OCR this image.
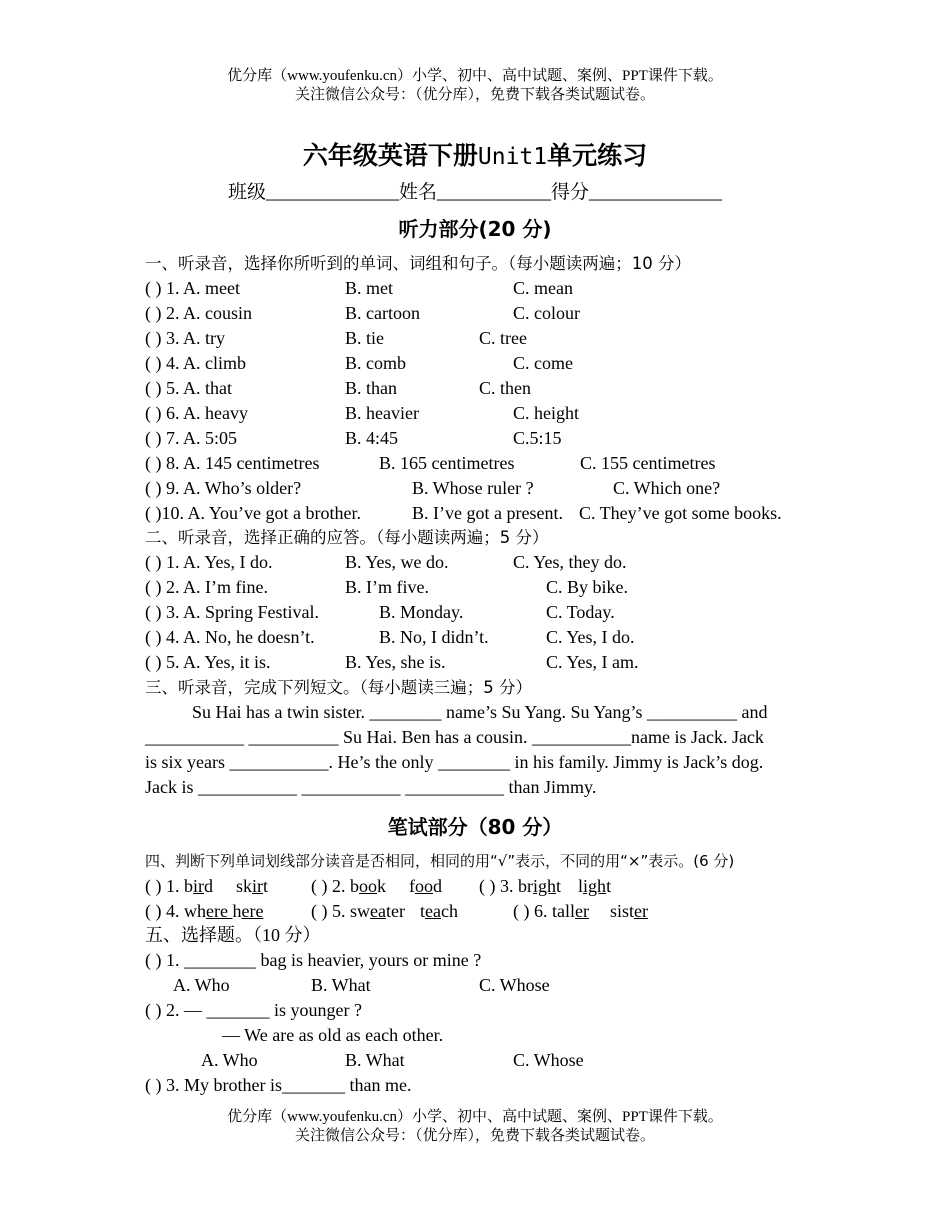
优分库（www.youfenku.cn）小学、初中、高中试题、案例、PPT课件下载。
关注微信公众号：（优分库），免费下载各类试题试卷。
六年级英语下册Unit1单元练习
班级______________姓名____________得分______________
听力部分(20 分)
一、听录音，选择你所听到的单词、词组和句子。（每小题读两遍；10 分）
( ) 1. A. meet	B. met	C. mean
( ) 2. A. cousin	B. cartoon	C. colour
( ) 3. A. try	B. tie	C. tree
( ) 4. A. climb	B. comb	C. come
( ) 5. A. that	B. than	C. then
( ) 6. A. heavy	B. heavier	C. height
( ) 7. A. 5:05	B. 4:45	C.5:15
( ) 8. A. 145 centimetres	B. 165 centimetres	C. 155 centimetres
( ) 9. A. Who’s older?	B. Whose ruler ?	C. Which one?
( )10. A. You’ve got a brother.	B. I’ve got a present. C. They’ve got some books.
二、听录音，选择正确的应答。（每小题读两遍；5 分）
( ) 1. A. Yes, I do.	B. Yes, we do.	C. Yes, they do.
( ) 2. A. I’m fine.	B. I’m five.	C. By bike.
( ) 3. A. Spring Festival.	B. Monday.	C. Today.
( ) 4. A. No, he doesn’t.	B. No, I didn’t.	C. Yes, I do.
( ) 5. A. Yes, it is.	B. Yes, she is.	C. Yes, I am.
三、听录音，完成下列短文。（每小题读三遍；5 分）
Su Hai has a twin sister. ________ name’s Su Yang. Su Yang’s __________ and
___________ __________ Su Hai. Ben has a cousin. ___________name is Jack. Jack
is six years ___________. He’s the only ________ in his family. Jimmy is Jack’s dog.
Jack is ___________ ___________ ___________ than Jimmy.
笔试部分（80 分）
四、判断下列单词划线部分读音是否相同，相同的用“√”表示，不同的用“×”表示。(6 分)
( ) 1. bird skirt ( ) 2. book food ( ) 3. bright light
( ) 4. where here	( ) 5. sweater teach	( ) 6. taller sister
五、选择题。（10 分）
( ) 1. ________ bag is heavier, yours or mine ?
A. Who	B. What	C. Whose
( ) 2. — _______ is younger ?
— We are as old as each other.
A. Who	B. What	C. Whose
( ) 3. My brother is_______ than me.
优分库（www.youfenku.cn）小学、初中、高中试题、案例、PPT课件下载。
关注微信公众号：（优分库），免费下载各类试题试卷。
